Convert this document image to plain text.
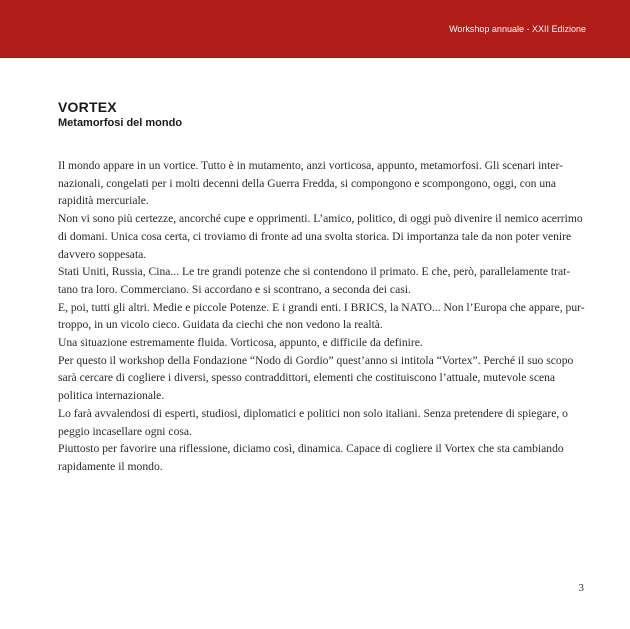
Workshop annuale - XXII Edizione
VORTEX
Metamorfosi del mondo
Il mondo appare in un vortice. Tutto è in mutamento, anzi vorticosa, appunto, metamorfosi. Gli scenari inter-
nazionali, congelati per i molti decenni della Guerra Fredda, si compongono e scompongono, oggi, con una
rapidità mercuriale.
Non vi sono più certezze, ancorché cupe e opprimenti. L’amico, politico, di oggi può divenire il nemico acerrimo
di domani. Unica cosa certa, ci troviamo di fronte ad una svolta storica. Di importanza tale da non poter venire
davvero soppesata.
Stati Uniti, Russia, Cina... Le tre grandi potenze che si contendono il primato. E che, però, parallelamente trat-
tano tra loro. Commerciano. Si accordano e si scontrano, a seconda dei casi.
E, poi, tutti gli altri. Medie e piccole Potenze. E i grandi enti. I BRICS, la NATO... Non l’Europa che appare, pur-
troppo, in un vicolo cieco. Guidata da ciechi che non vedono la realtà.
Una situazione estremamente fluida. Vorticosa, appunto, e difficile da definire.
Per questo il workshop della Fondazione “Nodo di Gordio” quest’anno si intitola “Vortex”. Perché il suo scopo
sarà cercare di cogliere i diversi, spesso contraddittori, elementi che costituiscono l’attuale, mutevole scena
politica internazionale.
Lo farà avvalendosi di esperti, studiosi, diplomatici e politici non solo italiani. Senza pretendere di spiegare, o
peggio incasellare ogni cosa.
Piuttosto per favorire una riflessione, diciamo così, dinamica. Capace di cogliere il Vortex che sta cambiando
rapidamente il mondo.
3
